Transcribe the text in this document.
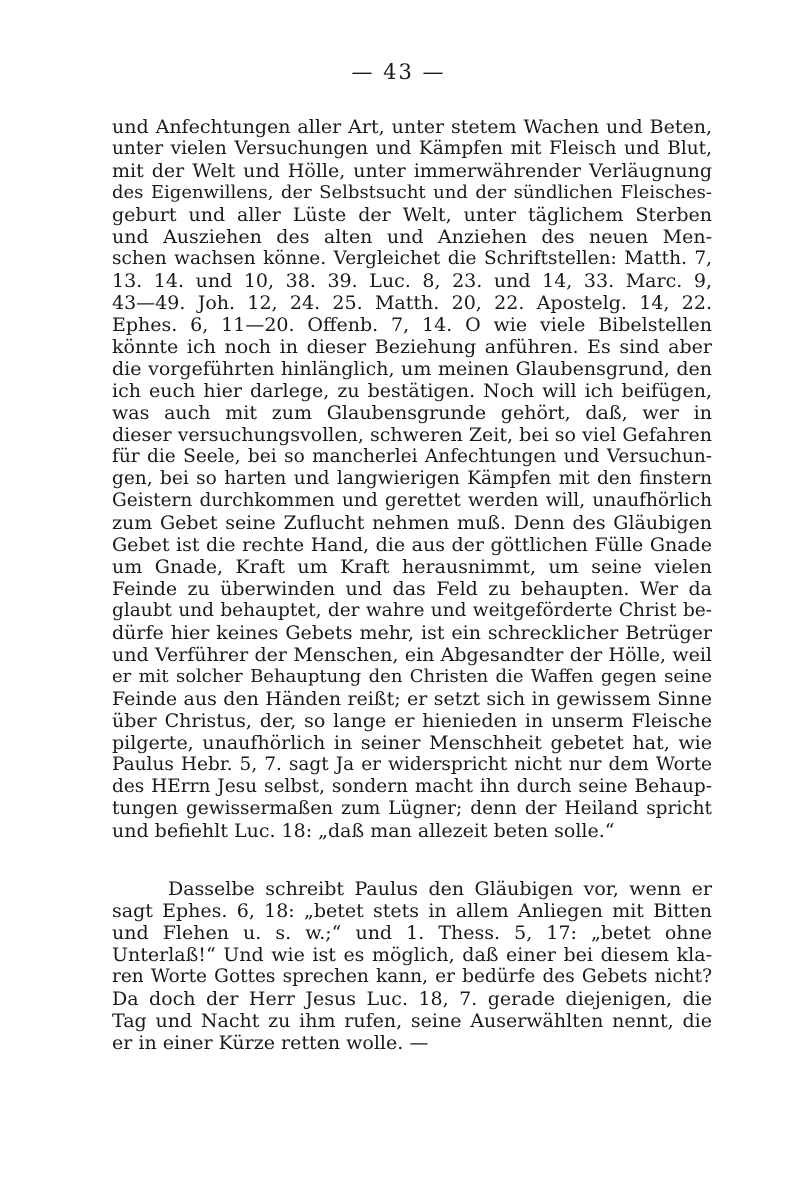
— 43 —
und Anfechtungen aller Art, unter stetem Wachen und Beten,
unter vielen Versuchungen und Kämpfen mit Fleisch und Blut,
mit der Welt und Hölle, unter immerwährender Verläugnung
des Eigenwillens, der Selbstsucht und der sündlichen Fleisches-
geburt und aller Lüste der Welt, unter täglichem Sterben
und Ausziehen des alten und Anziehen des neuen Men-
schen wachsen könne. Vergleichet die Schriftstellen: Matth. 7,
13. 14. und 10, 38. 39. Luc. 8, 23. und 14, 33. Marc. 9,
43—49. Joh. 12, 24. 25. Matth. 20, 22. Apostelg. 14, 22.
Ephes. 6, 11—20. Offenb. 7, 14. O wie viele Bibelstellen
könnte ich noch in dieser Beziehung anführen. Es sind aber
die vorgeführten hinlänglich, um meinen Glaubensgrund, den
ich euch hier darlege, zu bestätigen. Noch will ich beifügen,
was auch mit zum Glaubensgrunde gehört, daß, wer in
dieser versuchungsvollen, schweren Zeit, bei so viel Gefahren
für die Seele, bei so mancherlei Anfechtungen und Versuchun-
gen, bei so harten und langwierigen Kämpfen mit den finstern
Geistern durchkommen und gerettet werden will, unaufhörlich
zum Gebet seine Zuflucht nehmen muß. Denn des Gläubigen
Gebet ist die rechte Hand, die aus der göttlichen Fülle Gnade
um Gnade, Kraft um Kraft herausnimmt, um seine vielen
Feinde zu überwinden und das Feld zu behaupten. Wer da
glaubt und behauptet, der wahre und weitgeförderte Christ be-
dürfe hier keines Gebets mehr, ist ein schrecklicher Betrüger
und Verführer der Menschen, ein Abgesandter der Hölle, weil
er mit solcher Behauptung den Christen die Waffen gegen seine
Feinde aus den Händen reißt; er setzt sich in gewissem Sinne
über Christus, der, so lange er hienieden in unserm Fleische
pilgerte, unaufhörlich in seiner Menschheit gebetet hat, wie
Paulus Hebr. 5, 7. sagt Ja er widerspricht nicht nur dem Worte
des HErrn Jesu selbst, sondern macht ihn durch seine Behaup-
tungen gewissermaßen zum Lügner; denn der Heiland spricht
und befiehlt Luc. 18: „daß man allezeit beten solle.“
Dasselbe schreibt Paulus den Gläubigen vor, wenn er
sagt Ephes. 6, 18: „betet stets in allem Anliegen mit Bitten
und Flehen u. s. w.;“ und 1. Thess. 5, 17: „betet ohne
Unterlaß!“ Und wie ist es möglich, daß einer bei diesem kla-
ren Worte Gottes sprechen kann, er bedürfe des Gebets nicht?
Da doch der Herr Jesus Luc. 18, 7. gerade diejenigen, die
Tag und Nacht zu ihm rufen, seine Auserwählten nennt, die
er in einer Kürze retten wolle. —
